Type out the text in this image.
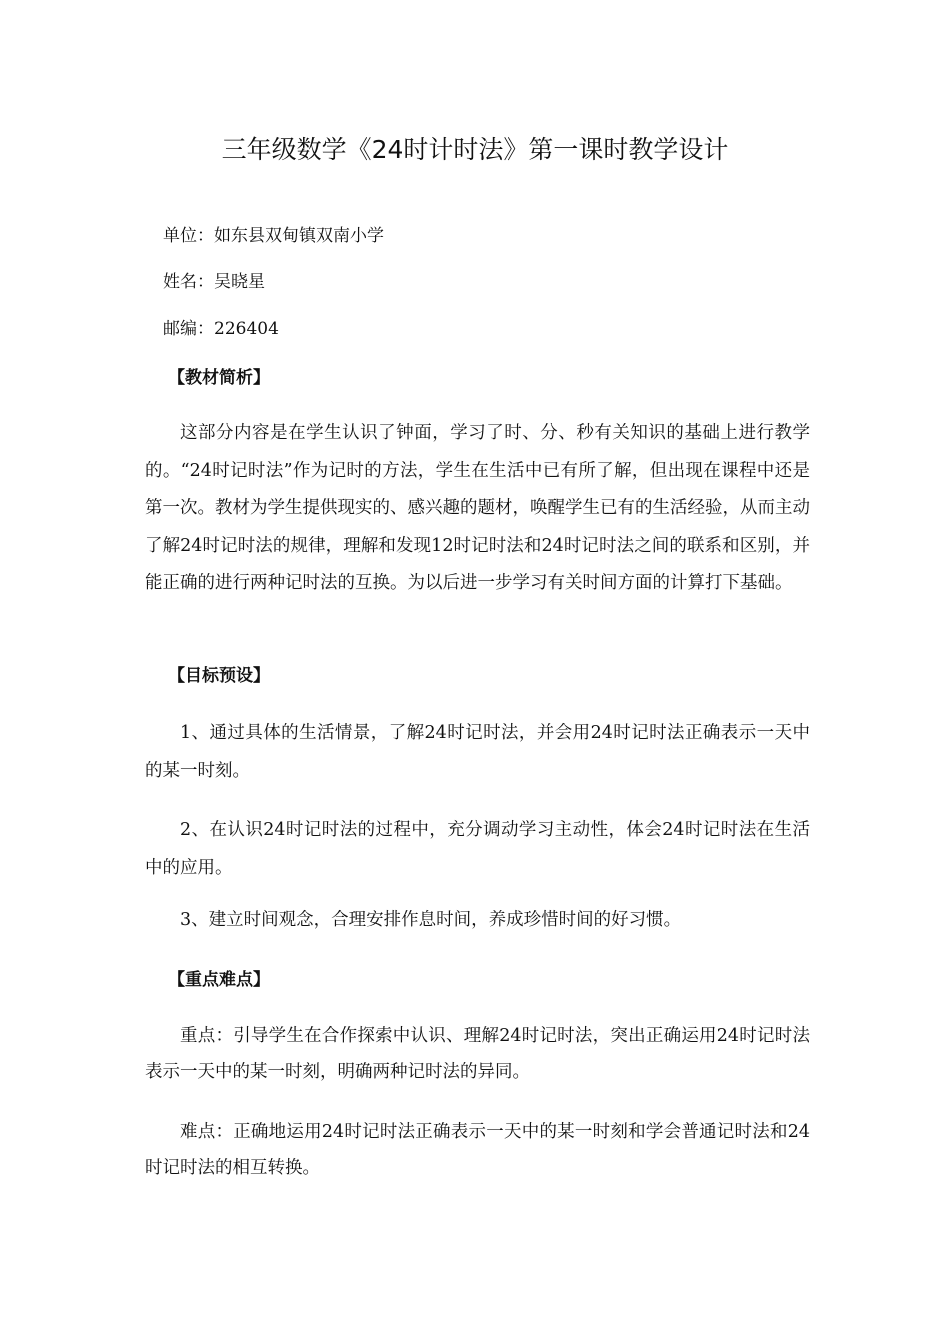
三年级数学《24时计时法》第一课时教学设计
单位：如东县双甸镇双南小学
姓名：吴晓星
邮编：226404
【教材简析】
这部分内容是在学生认识了钟面，学习了时、分、秒有关知识的基础上进行教学的。“24时记时法”作为记时的方法，学生在生活中已有所了解，但出现在课程中还是第一次。教材为学生提供现实的、感兴趣的题材，唤醒学生已有的生活经验，从而主动了解24时记时法的规律，理解和发现12时记时法和24时记时法之间的联系和区别，并能正确的进行两种记时法的互换。为以后进一步学习有关时间方面的计算打下基础。
【目标预设】
1、通过具体的生活情景，了解24时记时法，并会用24时记时法正确表示一天中的某一时刻。
2、在认识24时记时法的过程中，充分调动学习主动性，体会24时记时法在生活中的应用。
3、建立时间观念，合理安排作息时间，养成珍惜时间的好习惯。
【重点难点】
重点：引导学生在合作探索中认识、理解24时记时法，突出正确运用24时记时法表示一天中的某一时刻，明确两种记时法的异同。
难点：正确地运用24时记时法正确表示一天中的某一时刻和学会普通记时法和24时记时法的相互转换。
